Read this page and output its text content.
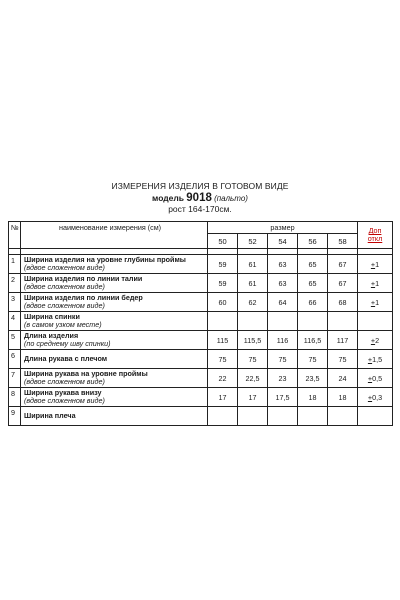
ИЗМЕРЕНИЯ ИЗДЕЛИЯ В ГОТОВОМ ВИДЕ
модель 9018 (пальто)
рост 164-170см.
№	наименование измерения (см)	размер					Доп
откл
		50	52	54	56	58	

1	Ширина изделия на уровне глубины проймы
(вдвое сложенном виде)	59	61	63	65	67	+1
2	Ширина изделия по линии талии
(вдвое сложенном виде)	59	61	63	65	67	+1
3	Ширина изделия по линии бедер
(вдвое сложенном виде)	60	62	64	66	68	+1
4	Ширина спинки
(в самом узком месте)						

5	Длина изделия
(по среднему шву спинки)	115	115,5	116	116,5	117	+2
6	Длина рукава с плечом	75	75	75	75	75	+1,5
7	Ширина рукава на уровне проймы
(вдвое сложенном виде)	22	22,5	23	23,5	24	+0,5
8	Ширина рукава внизу
(вдвое сложенном виде)	17	17	17,5	18	18	+0,3
9	Ширина плеча						
